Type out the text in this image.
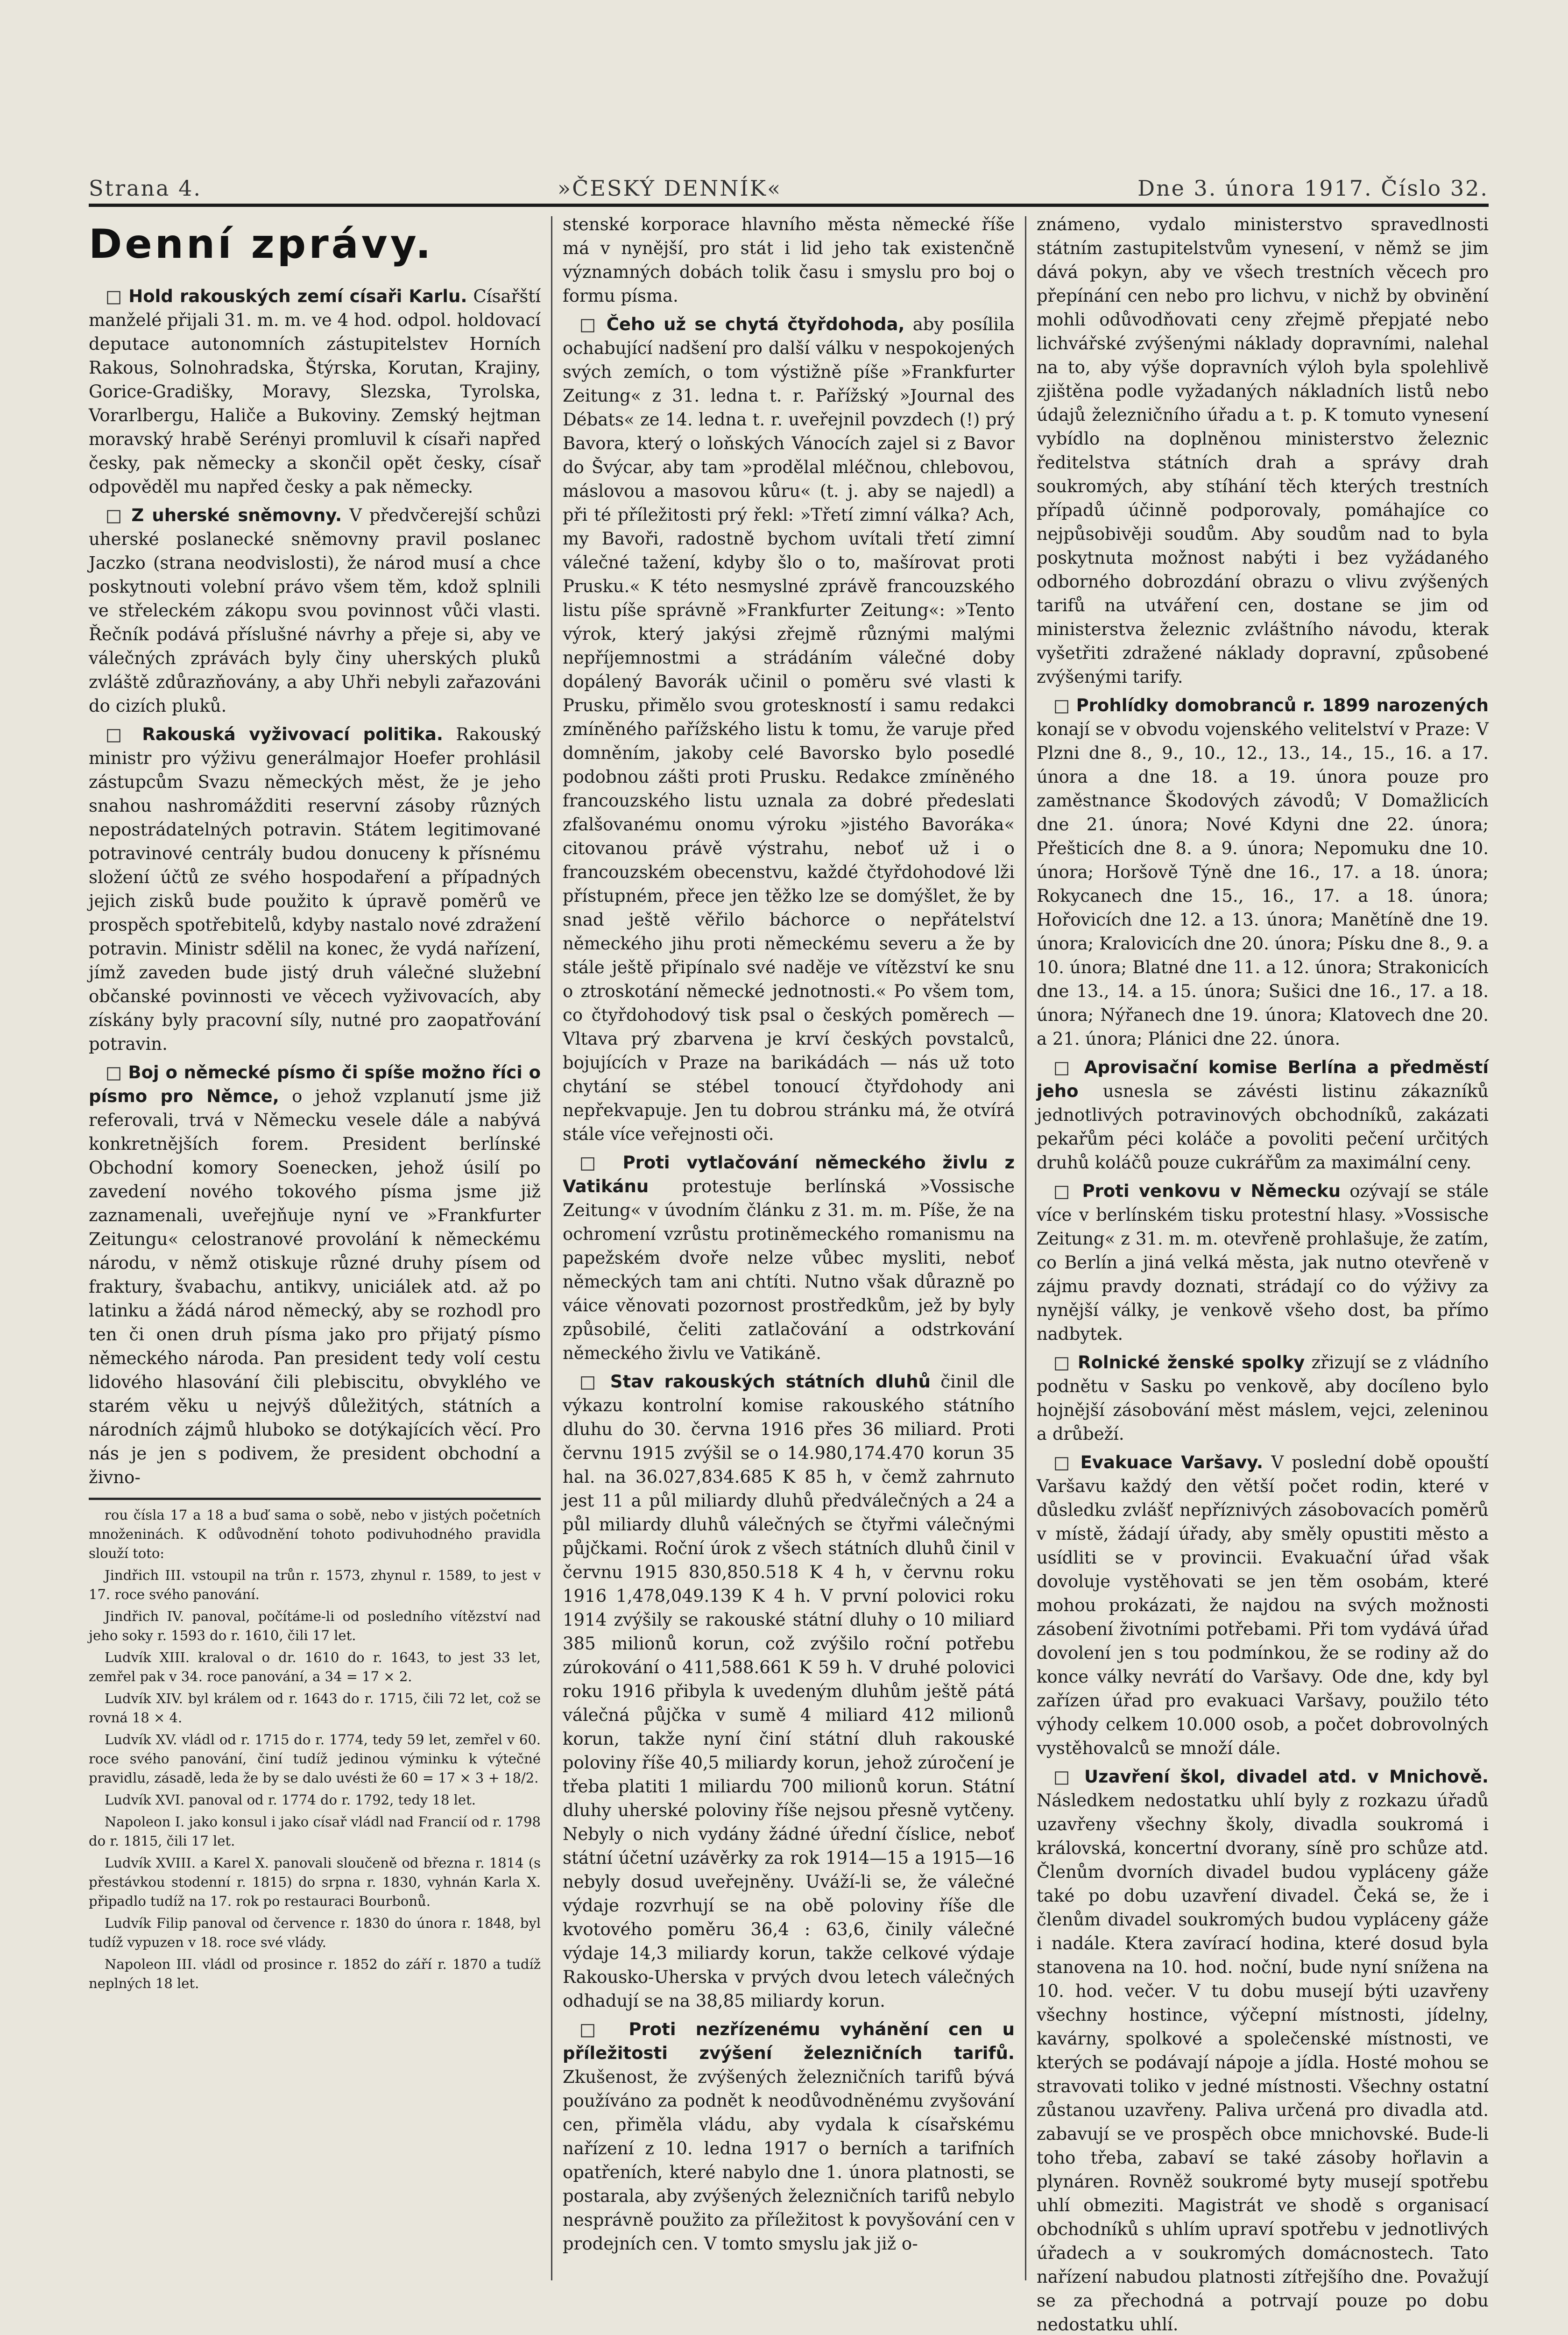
Strana 4.	»ČESKÝ DENNÍK«	Dne 3. února 1917. Číslo 32.
Denní zprávy.

□ Hold rakouských zemí císaři Karlu. Císařští manželé přijali 31. m. m. ve 4 hod. odpol. holdovací deputace autonomních zástupitelstev Horních Rakous, Solnohradska, Štýrska, Korutan, Krajiny, Gorice-Gradišky, Moravy, Slezska, Tyrolska, Vorarlbergu, Haliče a Bukoviny. Zemský hejtman moravský hrabě Serényi promluvil k císaři napřed česky, pak německy a skončil opět česky, císař odpověděl mu napřed česky a pak německy.

□ Z uherské sněmovny. V předvčerejší schůzi uherské poslanecké sněmovny pravil poslanec Jaczko (strana neodvislosti), že národ musí a chce poskytnouti volební právo všem těm, kdož splnili ve střeleckém zákopu svou povinnost vůči vlasti. Řečník podává příslušné návrhy a přeje si, aby ve válečných zprávách byly činy uherských pluků zvláště zdůrazňovány, a aby Uhři nebyli zařazováni do cizích pluků.

□ Rakouská vyživovací politika. Rakouský ministr pro výživu generálmajor Hoefer prohlásil zástupcům Svazu německých měst, že je jeho snahou nashromážditi reservní zásoby různých nepostrádatelných potravin. Státem legitimované potravinové centrály budou donuceny k přísnému složení účtů ze svého hospodaření a případných jejich zisků bude použito k úpravě poměrů ve prospěch spotřebitelů, kdyby nastalo nové zdražení potravin. Ministr sdělil na konec, že vydá nařízení, jímž zaveden bude jistý druh válečné služební občanské povinnosti ve věcech vyživovacích, aby získány byly pracovní síly, nutné pro zaopatřování potravin.

□ Boj o německé písmo či spíše možno říci o písmo pro Němce, o jehož vzplanutí jsme již referovali, trvá v Německu vesele dále a nabývá konkretnějších forem. President berlínské Obchodní komory Soenecken, jehož úsilí po zavedení nového tokového písma jsme již zaznamenali, uveřejňuje nyní ve »Frankfurter Zeitungu« celostranové provolání k německému národu, v němž otiskuje různé druhy písem od fraktury, švabachu, antikvy, uniciálek atd. až po latinku a žádá národ německý, aby se rozhodl pro ten či onen druh písma jako pro přijatý písmo německého národa. Pan president tedy volí cestu lidového hlasování čili plebiscitu, obvyklého ve starém věku u nejvýš důležitých, státních a národních zájmů hluboko se dotýkajících věcí. Pro nás je jen s podivem, že president obchodní a živno-

rou čísla 17 a 18 a buď sama o sobě, nebo v jistých početních množeninách. K odůvodnění tohoto podivuhodného pravidla slouží toto:

Jindřich III. vstoupil na trůn r. 1573, zhynul r. 1589, to jest v 17. roce svého panování.

Jindřich IV. panoval, počítáme-li od posledního vítězství nad jeho soky r. 1593 do r. 1610, čili 17 let.

Ludvík XIII. kraloval o dr. 1610 do r. 1643, to jest 33 let, zemřel pak v 34. roce panování, a 34 = 17 × 2.

Ludvík XIV. byl králem od r. 1643 do r. 1715, čili 72 let, což se rovná 18 × 4.

Ludvík XV. vládl od r. 1715 do r. 1774, tedy 59 let, zemřel v 60. roce svého panování, činí tudíž jedinou výminku k výtečné pravidlu, zásadě, leda že by se dalo uvésti že 60 = 17 × 3 + 18/2.

Ludvík XVI. panoval od r. 1774 do r. 1792, tedy 18 let.

Napoleon I. jako konsul i jako císař vládl nad Francií od r. 1798 do r. 1815, čili 17 let.

Ludvík XVIII. a Karel X. panovali sloučeně od března r. 1814 (s přestávkou stodenní r. 1815) do srpna r. 1830, vyhnán Karla X. připadlo tudíž na 17. rok po restauraci Bourbonů.

Ludvík Filip panoval od července r. 1830 do února r. 1848, byl tudíž vypuzen v 18. roce své vlády.

Napoleon III. vládl od prosince r. 1852 do září r. 1870 a tudíž neplných 18 let.

stenské korporace hlavního města německé říše má v nynější, pro stát i lid jeho tak existenčně významných dobách tolik času i smyslu pro boj o formu písma.

□ Čeho už se chytá čtyřdohoda, aby posílila ochabující nadšení pro další válku v nespokojených svých zemích, o tom výstižně píše »Frankfurter Zeitung« z 31. ledna t. r. Pařížský »Journal des Débats« ze 14. ledna t. r. uveřejnil povzdech (!) prý Bavora, který o loňských Vánocích zajel si z Bavor do Švýcar, aby tam »prodělal mléčnou, chlebovou, máslovou a masovou kůru« (t. j. aby se najedl) a při té příležitosti prý řekl: »Třetí zimní válka? Ach, my Bavoři, radostně bychom uvítali třetí zimní válečné tažení, kdyby šlo o to, mašírovat proti Prusku.« K této nesmyslné zprávě francouzského listu píše správně »Frankfurter Zeitung«: »Tento výrok, který jakýsi zřejmě různými malými nepříjemnostmi a strádáním válečné doby dopálený Bavorák učinil o poměru své vlasti k Prusku, přimělo svou groteskností i samu redakci zmíněného pařížského listu k tomu, že varuje před domněním, jakoby celé Bavorsko bylo posedlé podobnou zášti proti Prusku. Redakce zmíněného francouzského listu uznala za dobré předeslati zfalšovanému onomu výroku »jistého Bavoráka« citovanou právě výstrahu, neboť už i o francouzském obecenstvu, každé čtyřdohodové lži přístupném, přece jen těžko lze se domýšlet, že by snad ještě věřilo báchorce o nepřátelství německého jihu proti německému severu a že by stále ještě připínalo své naděje ve vítězství ke snu o ztroskotání německé jednotnosti.« Po všem tom, co čtyřdohodový tisk psal o českých poměrech — Vltava prý zbarvena je krví českých povstalců, bojujících v Praze na barikádách — nás už toto chytání se stébel tonoucí čtyřdohody ani nepřekvapuje. Jen tu dobrou stránku má, že otvírá stále více veřejnosti oči.

□ Proti vytlačování německého živlu z Vatikánu protestuje berlínská »Vossische Zeitung« v úvodním článku z 31. m. m. Píše, že na ochromení vzrůstu protiněmeckého romanismu na papežském dvoře nelze vůbec mysliti, neboť německých tam ani chtíti. Nutno však důrazně po váice věnovati pozornost prostředkům, jež by byly způsobilé, čeliti zatlačování a odstrkování německého živlu ve Vatikáně.

□ Stav rakouských státních dluhů činil dle výkazu kontrolní komise rakouského státního dluhu do 30. června 1916 přes 36 miliard. Proti červnu 1915 zvýšil se o 14.980,174.470 korun 35 hal. na 36.027,834.685 K 85 h, v čemž zahrnuto jest 11 a půl miliardy dluhů předválečných a 24 a půl miliardy dluhů válečných se čtyřmi válečnými půjčkami. Roční úrok z všech státních dluhů činil v červnu 1915 830,850.518 K 4 h, v červnu roku 1916 1,478,049.139 K 4 h. V první polovici roku 1914 zvýšily se rakouské státní dluhy o 10 miliard 385 milionů korun, což zvýšilo roční potřebu zúrokování o 411,588.661 K 59 h. V druhé polovici roku 1916 přibyla k uvedeným dluhům ještě pátá válečná půjčka v sumě 4 miliard 412 milionů korun, takže nyní činí státní dluh rakouské poloviny říše 40,5 miliardy korun, jehož zúročení je třeba platiti 1 miliardu 700 milionů korun. Státní dluhy uherské poloviny říše nejsou přesně vytčeny. Nebyly o nich vydány žádné úřední číslice, neboť státní účetní uzávěrky za rok 1914—15 a 1915—16 nebyly dosud uveřejněny. Uváží-li se, že válečné výdaje rozvrhují se na obě poloviny říše dle kvotového poměru 36,4 : 63,6, činily válečné výdaje 14,3 miliardy korun, takže celkové výdaje Rakousko-Uherska v prvých dvou letech válečných odhadují se na 38,85 miliardy korun.

□ Proti nezřízenému vyhánění cen u příležitosti zvýšení železničních tarifů. Zkušenost, že zvýšených železničních tarifů bývá používáno za podnět k neodůvodněnému zvyšování cen, přiměla vládu, aby vydala k císařskému nařízení z 10. ledna 1917 o berních a tarifních opatřeních, které nabylo dne 1. února platnosti, se postarala, aby zvýšených železničních tarifů nebylo nesprávně použito za příležitost k povyšování cen v prodejních cen. V tomto smyslu jak již o-

známeno, vydalo ministerstvo spravedlnosti státním zastupitelstvům vynesení, v němž se jim dává pokyn, aby ve všech trestních věcech pro přepínání cen nebo pro lichvu, v nichž by obvinění mohli odůvodňovati ceny zřejmě přepjaté nebo lichvářské zvýšenými náklady dopravními, nalehal na to, aby výše dopravních výloh byla spolehlivě zjištěna podle vyžadaných nákladních listů nebo údajů železničního úřadu a t. p. K tomuto vynesení vybídlo na doplněnou ministerstvo železnic ředitelstva státních drah a správy drah soukromých, aby stíhání těch kterých trestních případů účinně podporovaly, pomáhajíce co nejpůsobivěji soudům. Aby soudům nad to byla poskytnuta možnost nabýti i bez vyžádaného odborného dobrozdání obrazu o vlivu zvýšených tarifů na utváření cen, dostane se jim od ministerstva železnic zvláštního návodu, kterak vyšetřiti zdražené náklady dopravní, způsobené zvýšenými tarify.

□ Prohlídky domobranců r. 1899 narozených konají se v obvodu vojenského velitelství v Praze: V Plzni dne 8., 9., 10., 12., 13., 14., 15., 16. a 17. února a dne 18. a 19. února pouze pro zaměstnance Škodových závodů; V Domažlicích dne 21. února; Nové Kdyni dne 22. února; Přešticích dne 8. a 9. února; Nepomuku dne 10. února; Horšově Týně dne 16., 17. a 18. února; Rokycanech dne 15., 16., 17. a 18. února; Hořovicích dne 12. a 13. února; Manětíně dne 19. února; Kralovicích dne 20. února; Písku dne 8., 9. a 10. února; Blatné dne 11. a 12. února; Strakonicích dne 13., 14. a 15. února; Sušici dne 16., 17. a 18. února; Nýřanech dne 19. února; Klatovech dne 20. a 21. února; Plánici dne 22. února.

□ Aprovisační komise Berlína a předměstí jeho usnesla se závésti listinu zákazníků jednotlivých potravinových obchodníků, zakázati pekařům péci koláče a povoliti pečení určitých druhů koláčů pouze cukrářům za maximální ceny.

□ Proti venkovu v Německu ozývají se stále více v berlínském tisku protestní hlasy. »Vossische Zeitung« z 31. m. m. otevřeně prohlašuje, že zatím, co Berlín a jiná velká města, jak nutno otevřeně v zájmu pravdy doznati, strádají co do výživy za nynější války, je venkově všeho dost, ba přímo nadbytek.

□ Rolnické ženské spolky zřizují se z vládního podnětu v Sasku po venkově, aby docíleno bylo hojnější zásobování měst máslem, vejci, zeleninou a drůbeží.

□ Evakuace Varšavy. V poslední době opouští Varšavu každý den větší počet rodin, které v důsledku zvlášť nepříznivých zásobovacích poměrů v místě, žádají úřady, aby směly opustiti město a usídliti se v provincii. Evakuační úřad však dovoluje vystěhovati se jen těm osobám, které mohou prokázati, že najdou na svých možnosti zásobení životními potřebami. Při tom vydává úřad dovolení jen s tou podmínkou, že se rodiny až do konce války nevrátí do Varšavy. Ode dne, kdy byl zařízen úřad pro evakuaci Varšavy, použilo této výhody celkem 10.000 osob, a počet dobrovolných vystěhovalců se množí dále.

□ Uzavření škol, divadel atd. v Mnichově. Následkem nedostatku uhlí byly z rozkazu úřadů uzavřeny všechny školy, divadla soukromá i královská, koncertní dvorany, síně pro schůze atd. Členům dvorních divadel budou vypláceny gáže také po dobu uzavření divadel. Čeká se, že i členům divadel soukromých budou vypláceny gáže i nadále. Ktera zavírací hodina, které dosud byla stanovena na 10. hod. noční, bude nyní snížena na 10. hod. večer. V tu dobu musejí býti uzavřeny všechny hostince, výčepní místnosti, jídelny, kavárny, spolkové a společenské místnosti, ve kterých se podávají nápoje a jídla. Hosté mohou se stravovati toliko v jedné místnosti. Všechny ostatní zůstanou uzavřeny. Paliva určená pro divadla atd. zabavují se ve prospěch obce mnichovské. Bude-li toho třeba, zabaví se také zásoby hořlavin a plynáren. Rovněž soukromé byty musejí spotřebu uhlí obmeziti. Magistrát ve shodě s organisací obchodníků s uhlím upraví spotřebu v jednotlivých úřadech a v soukromých domácnostech. Tato nařízení nabudou platnosti zítřejšího dne. Považují se za přechodná a potrvají pouze po dobu nedostatku uhlí.
